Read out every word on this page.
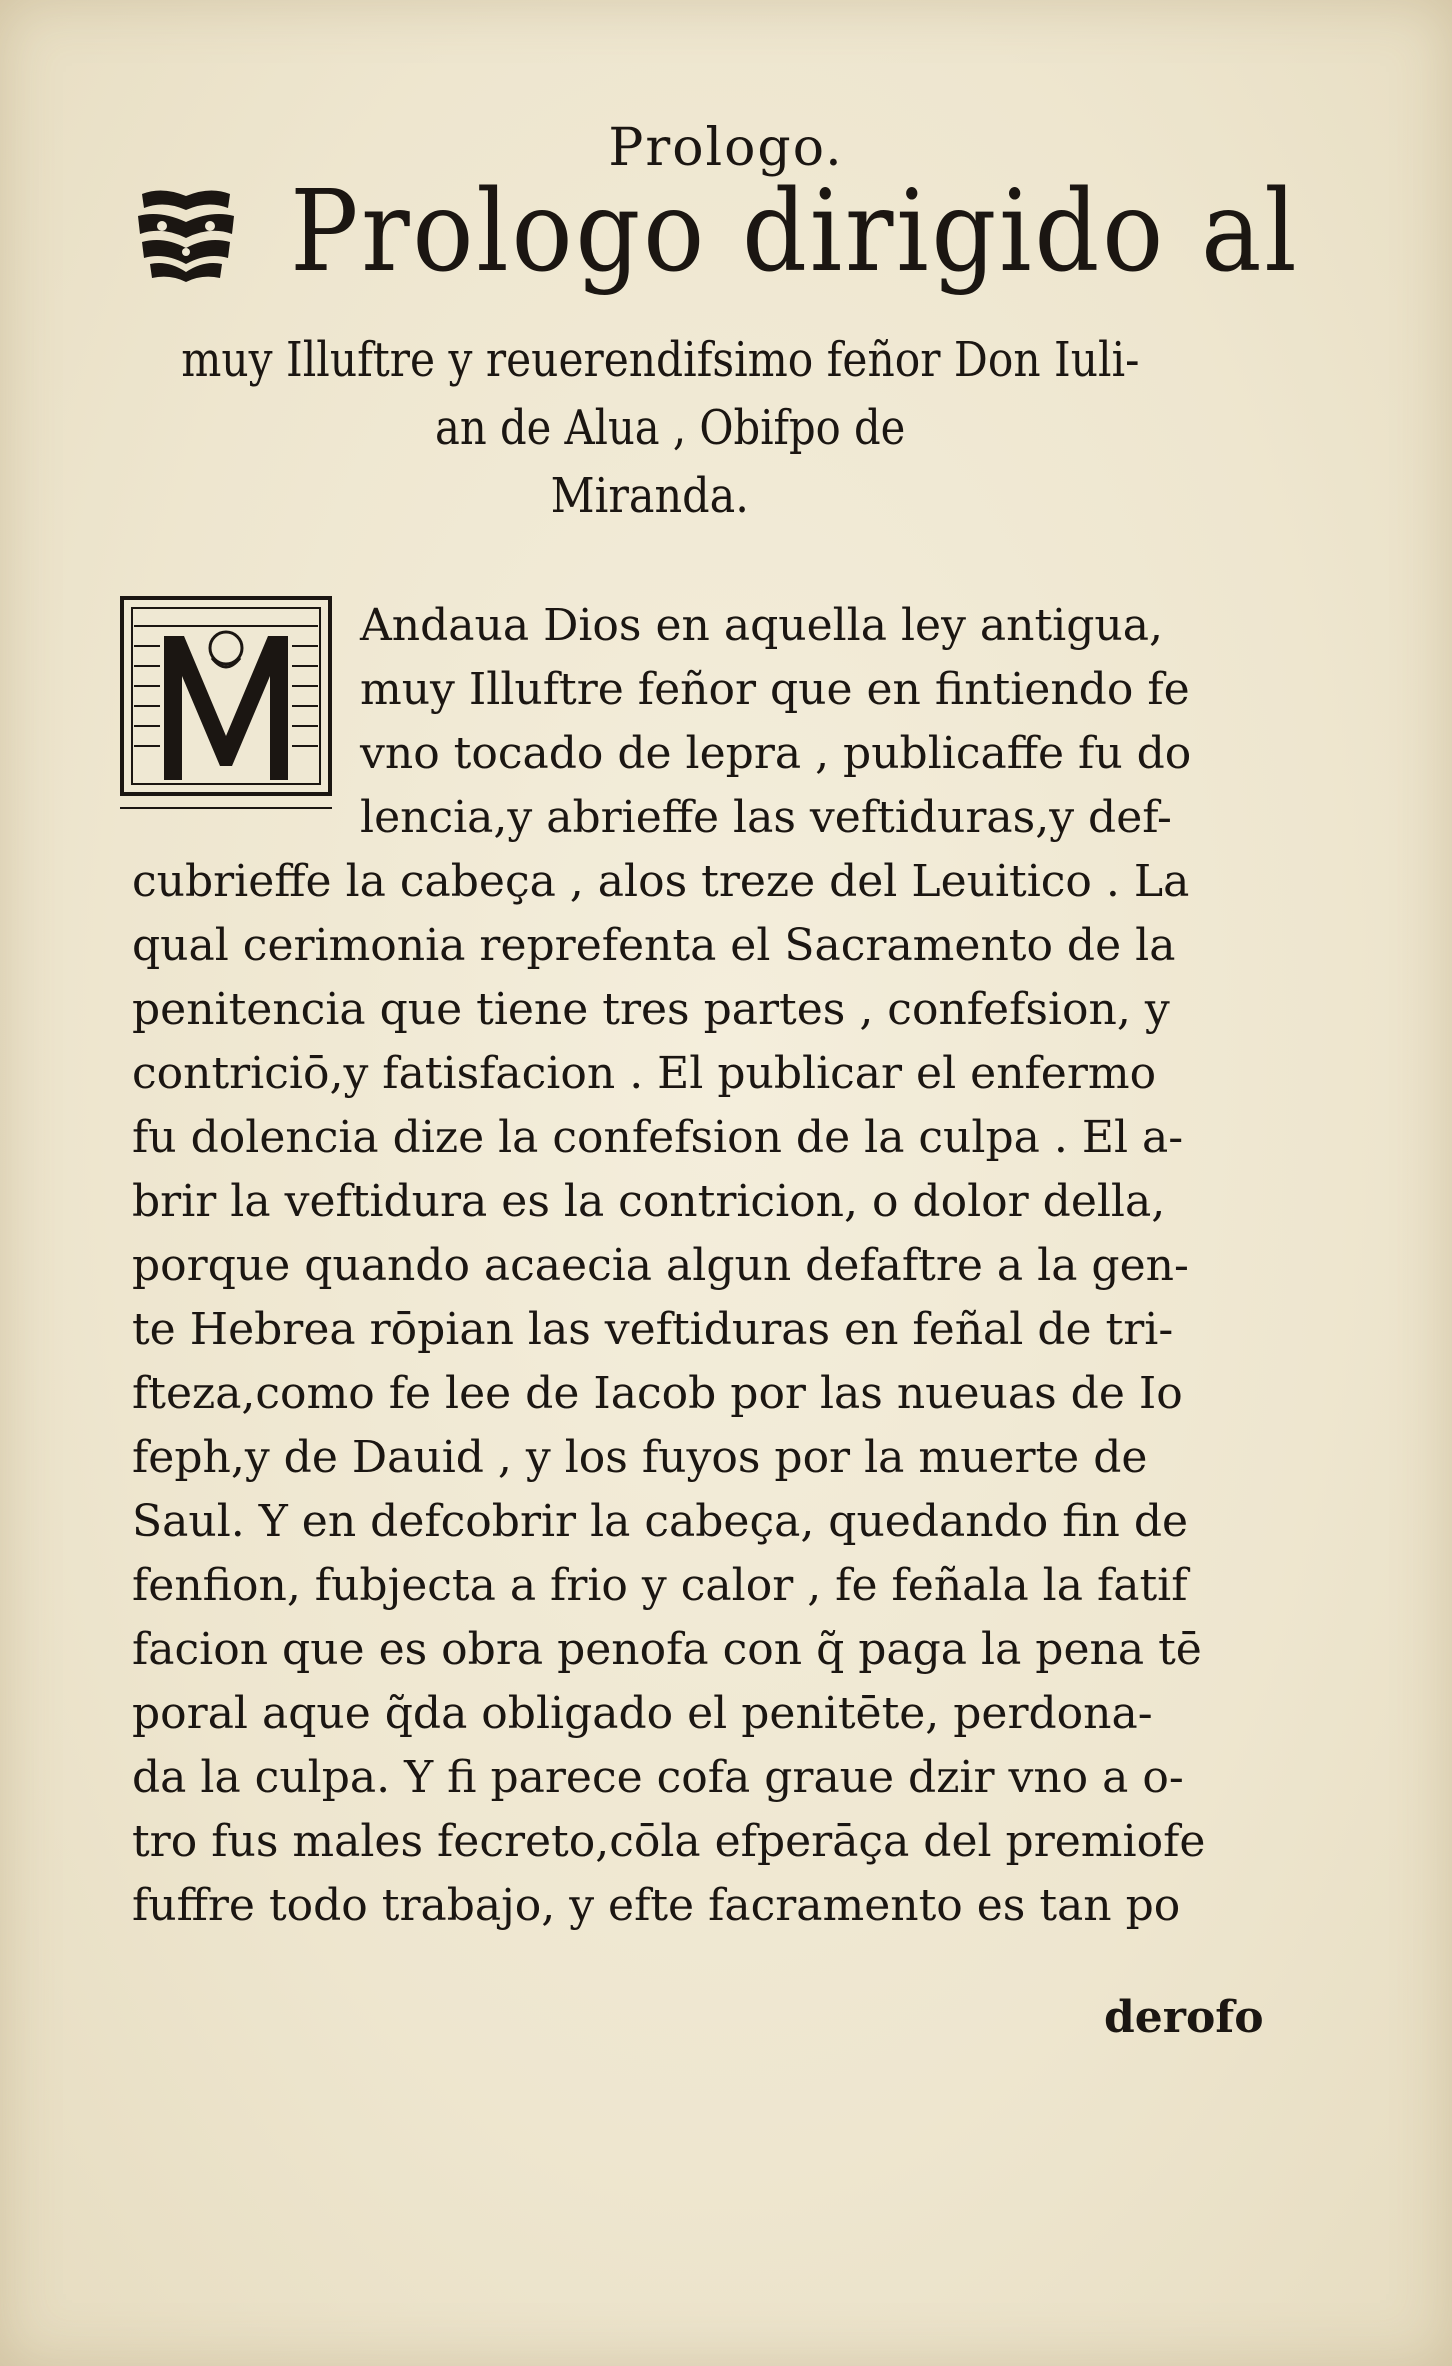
Prologo.
Prologo dirigido al
muy Illuftre y reuerendifsimo feñor Don Iuli-
an de Alua , Obifpo de
Miranda.
Andaua Dios en aquella ley antigua,
muy Illuftre feñor que en fintiendo fe
vno tocado de lepra , publicaffe fu do
lencia,y abrieffe las veftiduras,y def-
cubrieffe la cabeça , alos treze del Leuitico . La
qual cerimonia reprefenta el Sacramento de la
penitencia que tiene tres partes , confefsion, y
contriciō,y fatisfacion . El publicar el enfermo
fu dolencia dize la confefsion de la culpa . El a-
brir la veftidura es la contricion, o dolor della,
porque quando acaecia algun defaftre a la gen-
te Hebrea rōpian las veftiduras en feñal de tri-
fteza,como fe lee de Iacob por las nueuas de Io
feph,y de Dauid , y los fuyos por la muerte de
Saul. Y en defcobrir la cabeça, quedando fin de
fenfion, fubjecta a frio y calor , fe feñala la fatif
facion que es obra penofa con q̃ paga la pena tē
poral aque q̃da obligado el penitēte, perdona-
da la culpa. Y fi parece cofa graue dzir vno a o-
tro fus males fecreto,cōla efperāça del premiofe
fuffre todo trabajo, y efte facramento es tan po
derofo
